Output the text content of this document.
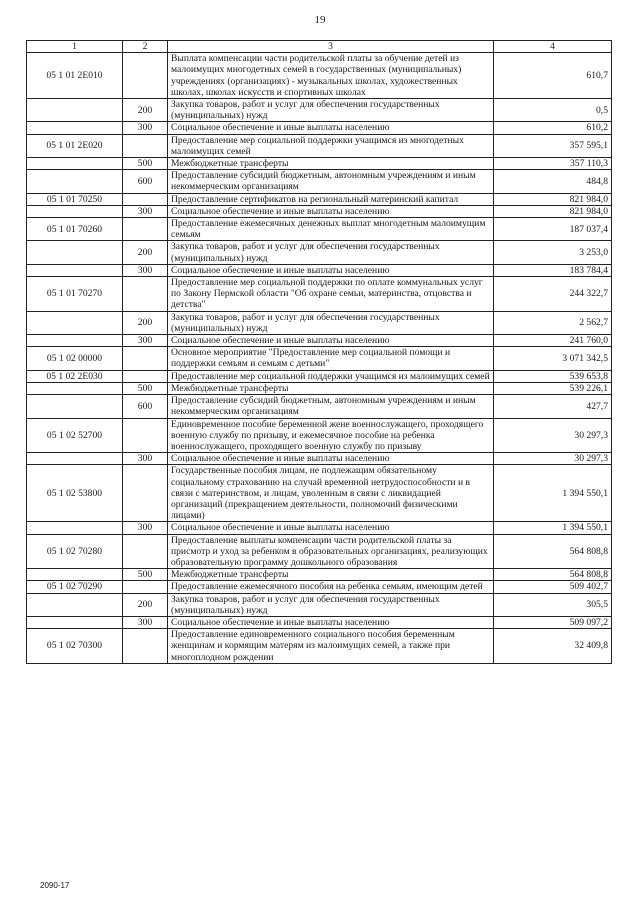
19
1	2	3	4
05 1 01 2Е010		Выплата компенсации части родительской платы за обучение детей из малоимущих многодетных семей в государственных (муниципальных) учреждениях (организациях) - музыкальных школах, художественных школах, школах искусств и спортивных школах	610,7
	200	Закупка товаров, работ и услуг для обеспечения государственных (муниципальных) нужд	0,5
	300	Социальное обеспечение и иные выплаты населению	610,2
05 1 01 2Е020		Предоставление мер социальной поддержки учащимся из многодетных малоимущих семей	357 595,1
	500	Межбюджетные трансферты	357 110,3
	600	Предоставление субсидий бюджетным, автономным учреждениям и иным некоммерческим организациям	484,8
05 1 01 70250		Предоставление сертификатов на региональный материнский капитал	821 984,0
	300	Социальное обеспечение и иные выплаты населению	821 984,0
05 1 01 70260		Предоставление ежемесячных денежных выплат многодетным малоимущим семьям	187 037,4
	200	Закупка товаров, работ и услуг для обеспечения государственных (муниципальных) нужд	3 253,0
	300	Социальное обеспечение и иные выплаты населению	183 784,4
05 1 01 70270		Предоставление мер социальной поддержки по оплате коммунальных услуг по Закону Пермской области "Об охране семьи, материнства, отцовства и детства"	244 322,7
	200	Закупка товаров, работ и услуг для обеспечения государственных (муниципальных) нужд	2 562,7
	300	Социальное обеспечение и иные выплаты населению	241 760,0
05 1 02 00000		Основное мероприятие "Предоставление мер социальной помощи и поддержки семьям и семьям с детьми"	3 071 342,5
05 1 02 2Е030		Предоставление мер социальной поддержки учащимся из малоимущих семей	539 653,8
	500	Межбюджетные трансферты	539 226,1
	600	Предоставление субсидий бюджетным, автономным учреждениям и иным некоммерческим организациям	427,7
05 1 02 52700		Единовременное пособие беременной жене военнослужащего, проходящего военную службу по призыву, и ежемесячное пособие на ребенка военнослужащего, проходящего военную службу по призыву	30 297,3
	300	Социальное обеспечение и иные выплаты населению	30 297,3
05 1 02 53800		Государственные пособия лицам, не подлежащим обязательному социальному страхованию на случай временной нетрудоспособности и в связи с материнством, и лицам, уволенным в связи с ликвидацией организаций (прекращением деятельности, полномочий физическими лицами)	1 394 550,1
	300	Социальное обеспечение и иные выплаты населению	1 394 550,1
05 1 02 70280		Предоставление выплаты компенсации части родительской платы за присмотр и уход за ребенком в образовательных организациях, реализующих образовательную программу дошкольного образования	564 808,8
	500	Межбюджетные трансферты	564 808,8
05 1 02 70290		Предоставление ежемесячного пособия на ребенка семьям, имеющим детей	509 402,7
	200	Закупка товаров, работ и услуг для обеспечения государственных (муниципальных) нужд	305,5
	300	Социальное обеспечение и иные выплаты населению	509 097,2
05 1 02 70300		Предоставление единовременного социального пособия беременным женщинам и кормящим матерям из малоимущих семей, а также при многоплодном рождении	32 409,8
2090-17
